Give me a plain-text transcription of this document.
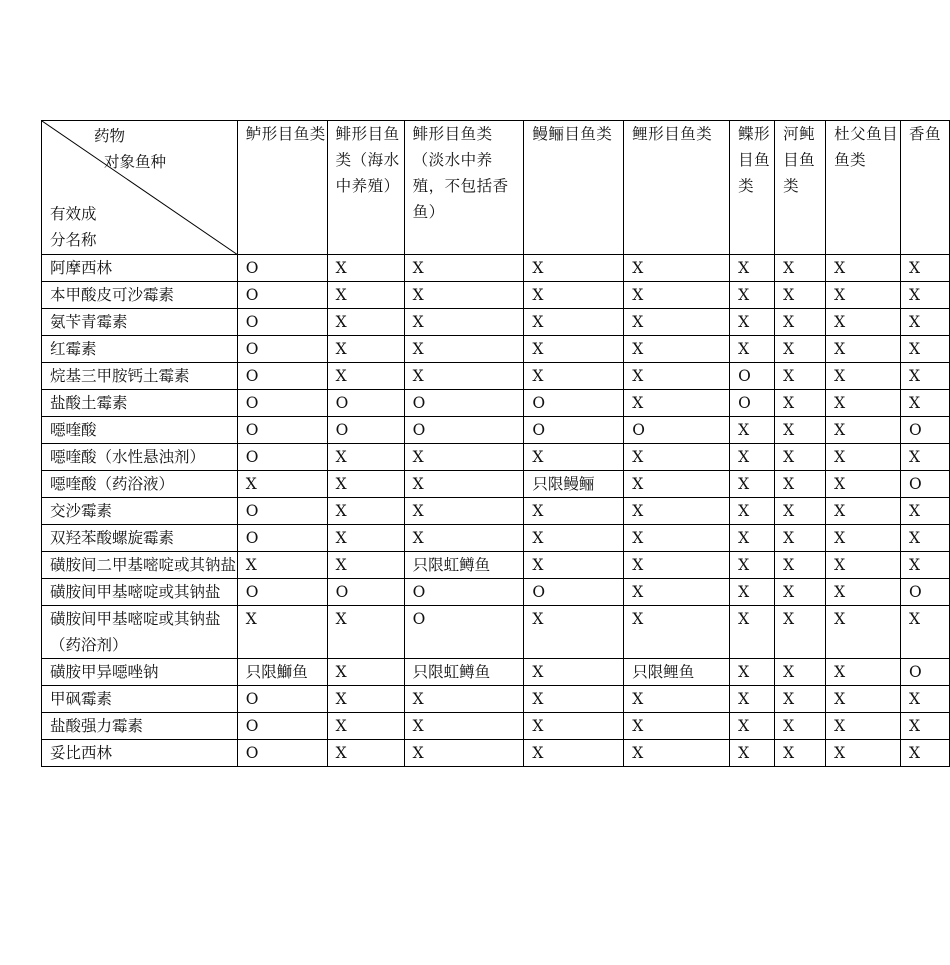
药物
对象鱼种
有效成
分名称	鲈形目鱼类	鲱形目鱼类（海水中养殖）	鲱形目鱼类（淡水中养殖，不包括香鱼）	鳗鲡目鱼类	鲤形目鱼类	鲽形目鱼类	河鲀目鱼类	杜父鱼目鱼类	香鱼
阿摩西林	O	X	X	X	X	X	X	X	X
本甲酸皮可沙霉素	O	X	X	X	X	X	X	X	X
氨苄青霉素	O	X	X	X	X	X	X	X	X
红霉素	O	X	X	X	X	X	X	X	X
烷基三甲胺钙土霉素	O	X	X	X	X	O	X	X	X
盐酸土霉素	O	O	O	O	X	O	X	X	X
噁喹酸	O	O	O	O	O	X	X	X	O
噁喹酸（水性悬浊剂）	O	X	X	X	X	X	X	X	X
噁喹酸（药浴液）	X	X	X	只限鳗鲡	X	X	X	X	O
交沙霉素	O	X	X	X	X	X	X	X	X
双羟苯酸螺旋霉素	O	X	X	X	X	X	X	X	X
磺胺间二甲基嘧啶或其钠盐	X	X	只限虹鳟鱼	X	X	X	X	X	X
磺胺间甲基嘧啶或其钠盐	O	O	O	O	X	X	X	X	O
磺胺间甲基嘧啶或其钠盐（药浴剂）	X	X	O	X	X	X	X	X	X
磺胺甲异噁唑钠	只限鰤鱼	X	只限虹鳟鱼	X	只限鲤鱼	X	X	X	O
甲砜霉素	O	X	X	X	X	X	X	X	X
盐酸强力霉素	O	X	X	X	X	X	X	X	X
妥比西林	O	X	X	X	X	X	X	X	X
